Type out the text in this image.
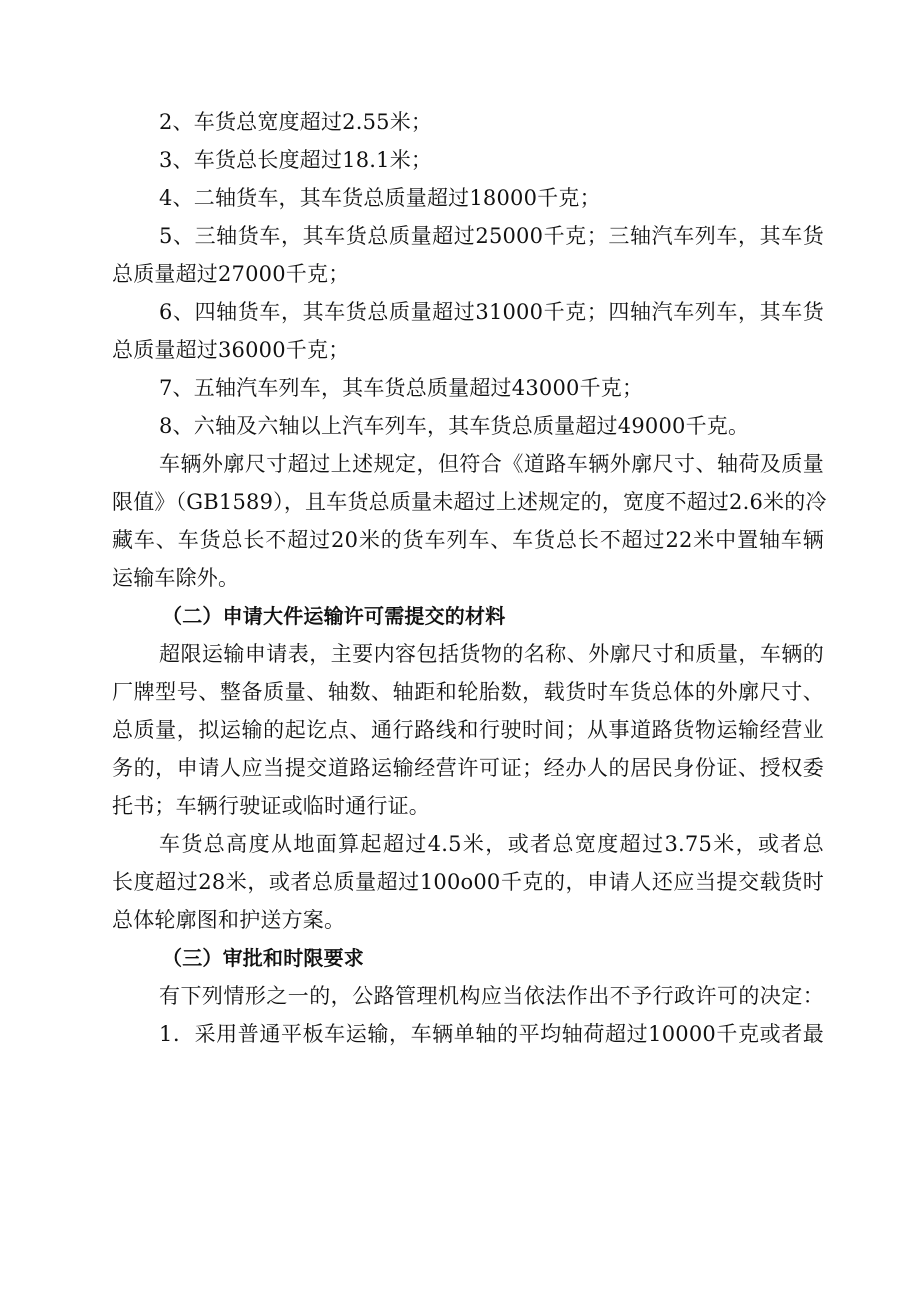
2、车货总宽度超过2.55米；
3、车货总长度超过18.1米；
4、二轴货车，其车货总质量超过18000千克；
5、三轴货车，其车货总质量超过25000千克；三轴汽车列车，其车货
总质量超过27000千克；
6、四轴货车，其车货总质量超过31000千克；四轴汽车列车，其车货
总质量超过36000千克；
7、五轴汽车列车，其车货总质量超过43000千克；
8、六轴及六轴以上汽车列车，其车货总质量超过49000千克。
车辆外廓尺寸超过上述规定，但符合《道路车辆外廓尺寸、轴荷及质量
限值》（GB1589），且车货总质量未超过上述规定的，宽度不超过2.6米的冷
藏车、车货总长不超过20米的货车列车、车货总长不超过22米中置轴车辆
运输车除外。
（二）申请大件运输许可需提交的材料
超限运输申请表，主要内容包括货物的名称、外廓尺寸和质量，车辆的
厂牌型号、整备质量、轴数、轴距和轮胎数，载货时车货总体的外廓尺寸、
总质量，拟运输的起讫点、通行路线和行驶时间；从事道路货物运输经营业
务的，申请人应当提交道路运输经营许可证；经办人的居民身份证、授权委
托书；车辆行驶证或临时通行证。
车货总高度从地面算起超过4.5米，或者总宽度超过3.75米，或者总
长度超过28米，或者总质量超过100o00千克的，申请人还应当提交载货时
总体轮廓图和护送方案。
（三）审批和时限要求
有下列情形之一的，公路管理机构应当依法作出不予行政许可的决定：
1．采用普通平板车运输，车辆单轴的平均轴荷超过10000千克或者最
